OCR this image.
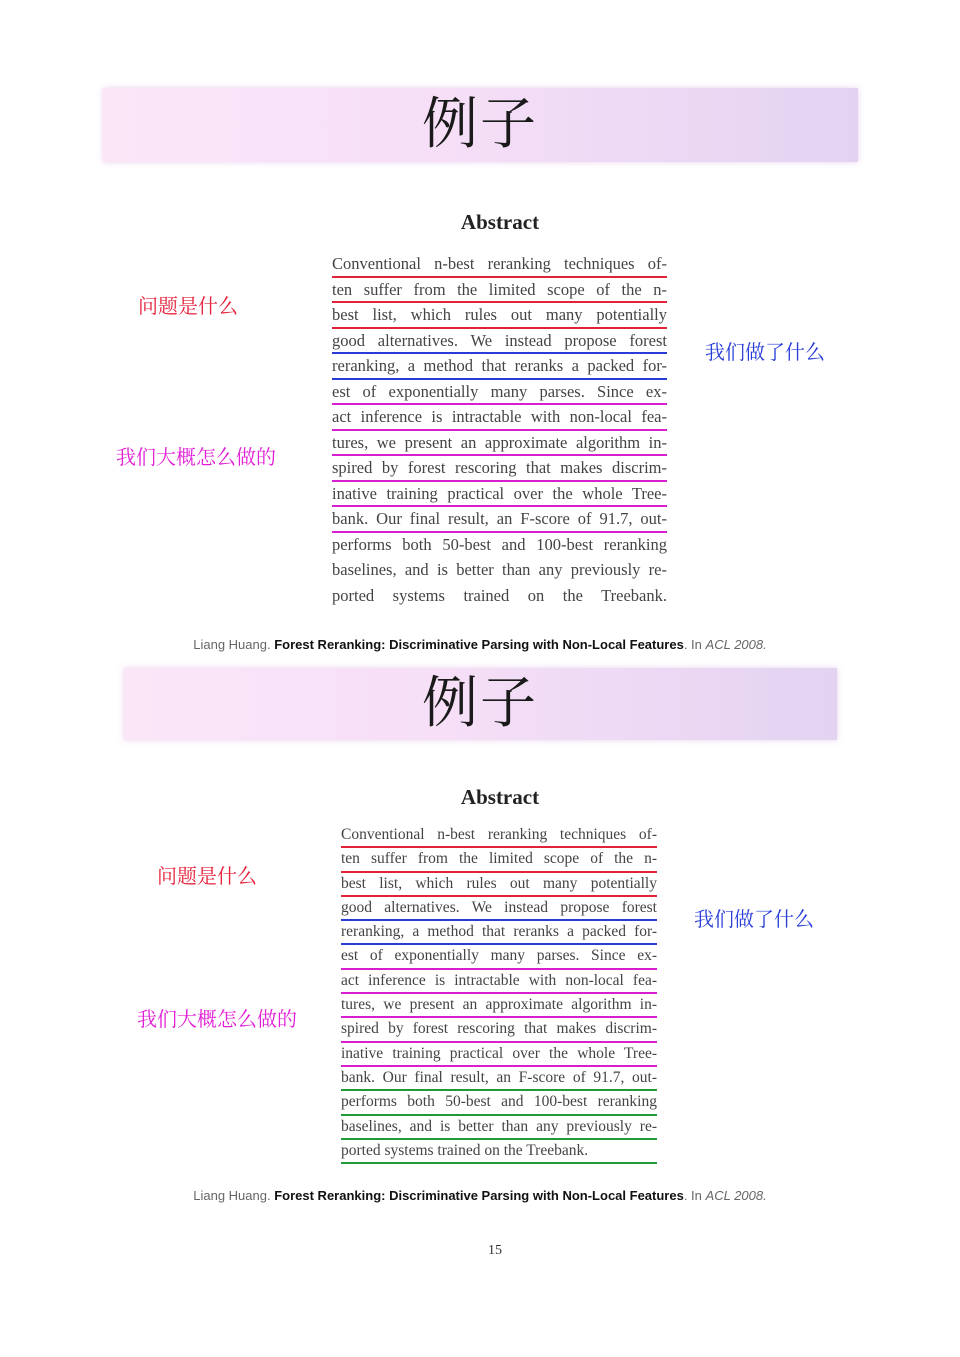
例子
Abstract
Conventional n-best reranking techniques of-
ten suffer from the limited scope of the n-
best list, which rules out many potentially
good alternatives. We instead propose forest
reranking, a method that reranks a packed for-
est of exponentially many parses. Since ex-
act inference is intractable with non-local fea-
tures, we present an approximate algorithm in-
spired by forest rescoring that makes discrim-
inative training practical over the whole Tree-
bank. Our final result, an F-score of 91.7, out-
performs both 50-best and 100-best reranking
baselines, and is better than any previously re-
ported systems trained on the Treebank.
问题是什么
我们做了什么
我们大概怎么做的
Liang Huang. Forest Reranking: Discriminative Parsing with Non-Local Features. In ACL 2008.
例子
Abstract
Conventional n-best reranking techniques of-
ten suffer from the limited scope of the n-
best list, which rules out many potentially
good alternatives. We instead propose forest
reranking, a method that reranks a packed for-
est of exponentially many parses. Since ex-
act inference is intractable with non-local fea-
tures, we present an approximate algorithm in-
spired by forest rescoring that makes discrim-
inative training practical over the whole Tree-
bank. Our final result, an F-score of 91.7, out-
performs both 50-best and 100-best reranking
baselines, and is better than any previously re-
ported systems trained on the Treebank.
问题是什么
我们做了什么
我们大概怎么做的
Liang Huang. Forest Reranking: Discriminative Parsing with Non-Local Features. In ACL 2008.
15
